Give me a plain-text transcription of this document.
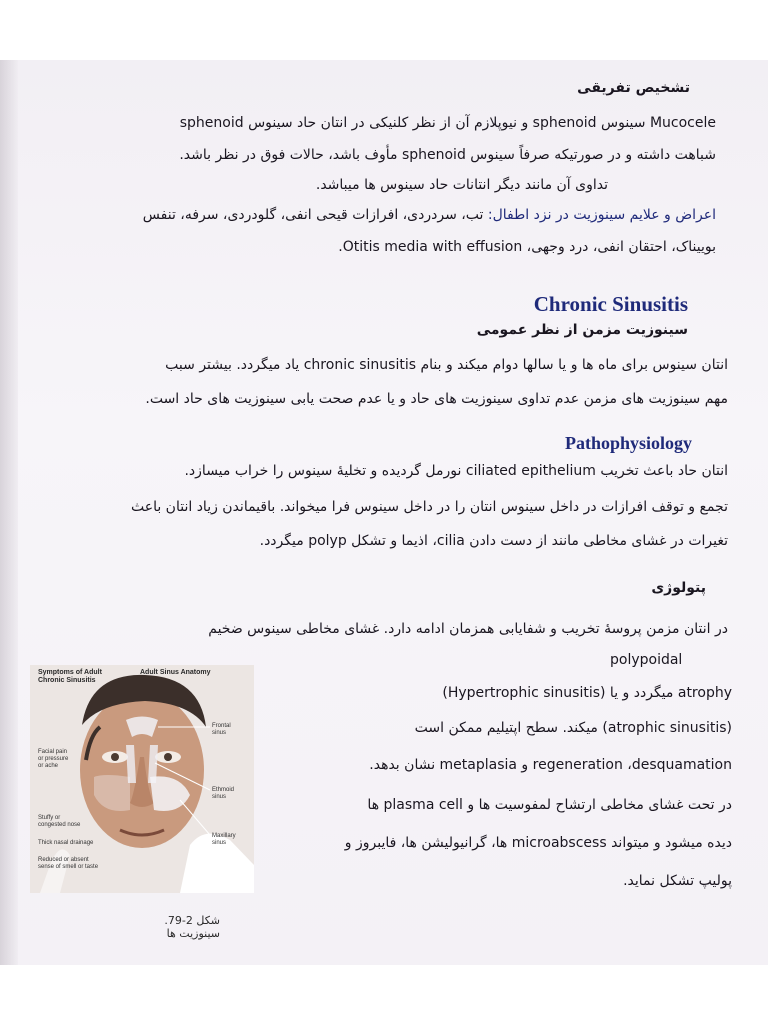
تشخیص تفریقی
Mucocele سینوس sphenoid و نیوپلازم آن از نظر کلنیکی در انتان حاد سینوس sphenoid
شباهت داشته و در صورتیکه صرفاً سینوس sphenoid مأوف باشد، حالات فوق در نظر باشد.
تداوی آن مانند دیگر انتانات حاد سینوس ها میباشد.
اعراض و علایم سینوزیت در نزد اطفال: تب، سردردی، افرازات قیحی انفی، گلودردی، سرفه، تنفس
بوییناک، احتقان انفی، درد وجهی، Otitis media with effusion.
Chronic Sinusitis
سینوزیت مزمن از نظر عمومی
انتان سینوس برای ماه ها و یا سالها دوام میکند و بنام chronic sinusitis یاد میگردد. بیشتر سبب
مهم سینوزیت های مزمن عدم تداوی سینوزیت های حاد و یا عدم صحت یابی سینوزیت های حاد است.
Pathophysiology
انتان حاد باعث تخریب ciliated epithelium نورمل گردیده و تخلیهٔ سینوس را خراب میسازد.
تجمع و توقف افرازات در داخل سینوس انتان را در داخل سینوس فرا میخواند. باقیماندن زیاد انتان باعث
تغیرات در غشای مخاطی مانند از دست دادن cilia، اذیما و تشکل polyp میگردد.
پتولوژی
در انتان مزمن پروسهٔ تخریب و شفایابی همزمان ادامه دارد. غشای مخاطی سینوس ضخیم
polypoidal
atrophy میگردد و یا (Hypertrophic sinusitis)
(atrophic sinusitis) میکند. سطح اپتیلیم ممکن است
regeneration ،desquamation و metaplasia نشان بدهد.
در تحت غشای مخاطی ارتشاح لمفوسیت ها و plasma cell ها
دیده میشود و میتواند microabscess ها، گرانیولیشن ها، فایبروز و
پولیپ تشکل نماید.
Symptoms of Adult
Chronic Sinusitis
Adult Sinus Anatomy
Frontal
sinus
Ethmoid
sinus
Maxillary
sinus
Facial pain
or pressure
or ache
Stuffy or
congested nose
Thick nasal drainage
Reduced or absent
sense of smell or taste
شکل 2-79. سینوزیت ها
